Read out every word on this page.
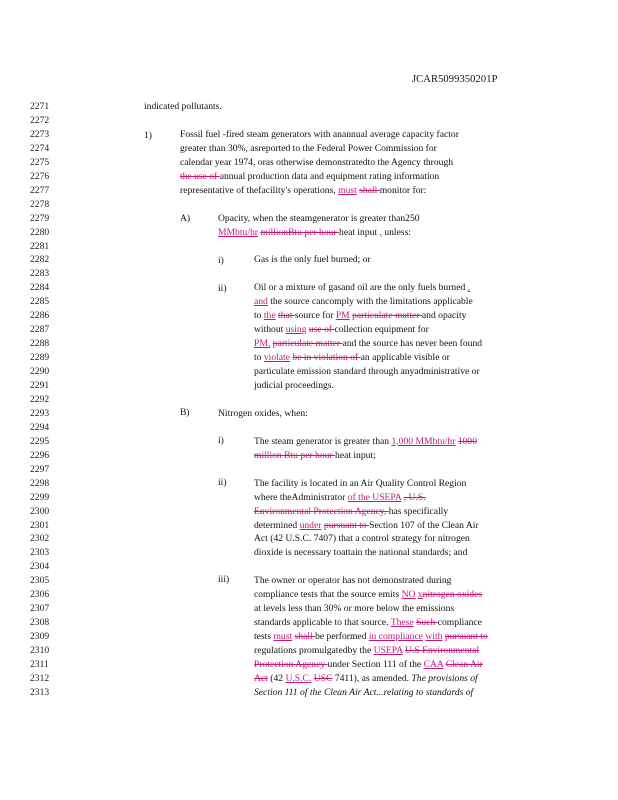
JCAR5099350201P
2271
2272
2273
2274
2275
2276
2277
2278
2279
2280
2281
2282
2283
2284
2285
2286
2287
2288
2289
2290
2291
2292
2293
2294
2295
2296
2297
2298
2299
2300
2301
2302
2303
2304
2305
2306
2307
2308
2309
2310
2311
2312
2313
1)
A)
i)
ii)
B)
i)
ii)
iii)
indicated pollutants.
Fossil fuel -fired steam generators with anannual average capacity factor
greater than 30%, asreported to the Federal Power Commission for
calendar year 1974, oras otherwise demonstratedto the Agency through
the use of annual production data and equipment rating information
representative of thefacility's operations, must shall monitor for:
Opacity, when the steamgenerator is greater than250
MMbtu/hr millionBtu per hour heat input , unless:
Gas is the only fuel burned; or
Oil or a mixture of gasand oil are the only fuels burned ,
and the source cancomply with the limitations applicable
to the that source for PM particulate matter and opacity
without using use of collection equipment for
PM, particulate matter and the source has never been found
to violate be in violation of an applicable visible or
particulate emission standard through anyadministrative or
judicial proceedings.
Nitrogen oxides, when:
The steam generator is greater than 1,000 MMbtu/hr 1000
million Btu per hour heat input;
The facility is located in an Air Quality Control Region
where theAdministrator of the USEPA , U.S.
Environmental Protection Agency, has specifically
determined under pursuant to Section 107 of the Clean Air
Act (42 U.S.C. 7407) that a control strategy for nitrogen
dioxide is necessary toattain the national standards; and
The owner or operator has not demonstrated during
compliance tests that the source emits NO xnitrogen oxides
at levels less than 30% or more below the emissions
standards applicable to that source. These Such compliance
tests must shall be performed in compliance with pursuant to
regulations promulgatedby the USEPA U.S Environmental
Protection Agency under Section 111 of the CAA Clean Air
Act (42 U.S.C. USC 7411), as amended. The provisions of
Section 111 of the Clean Air Act...relating to standards of
